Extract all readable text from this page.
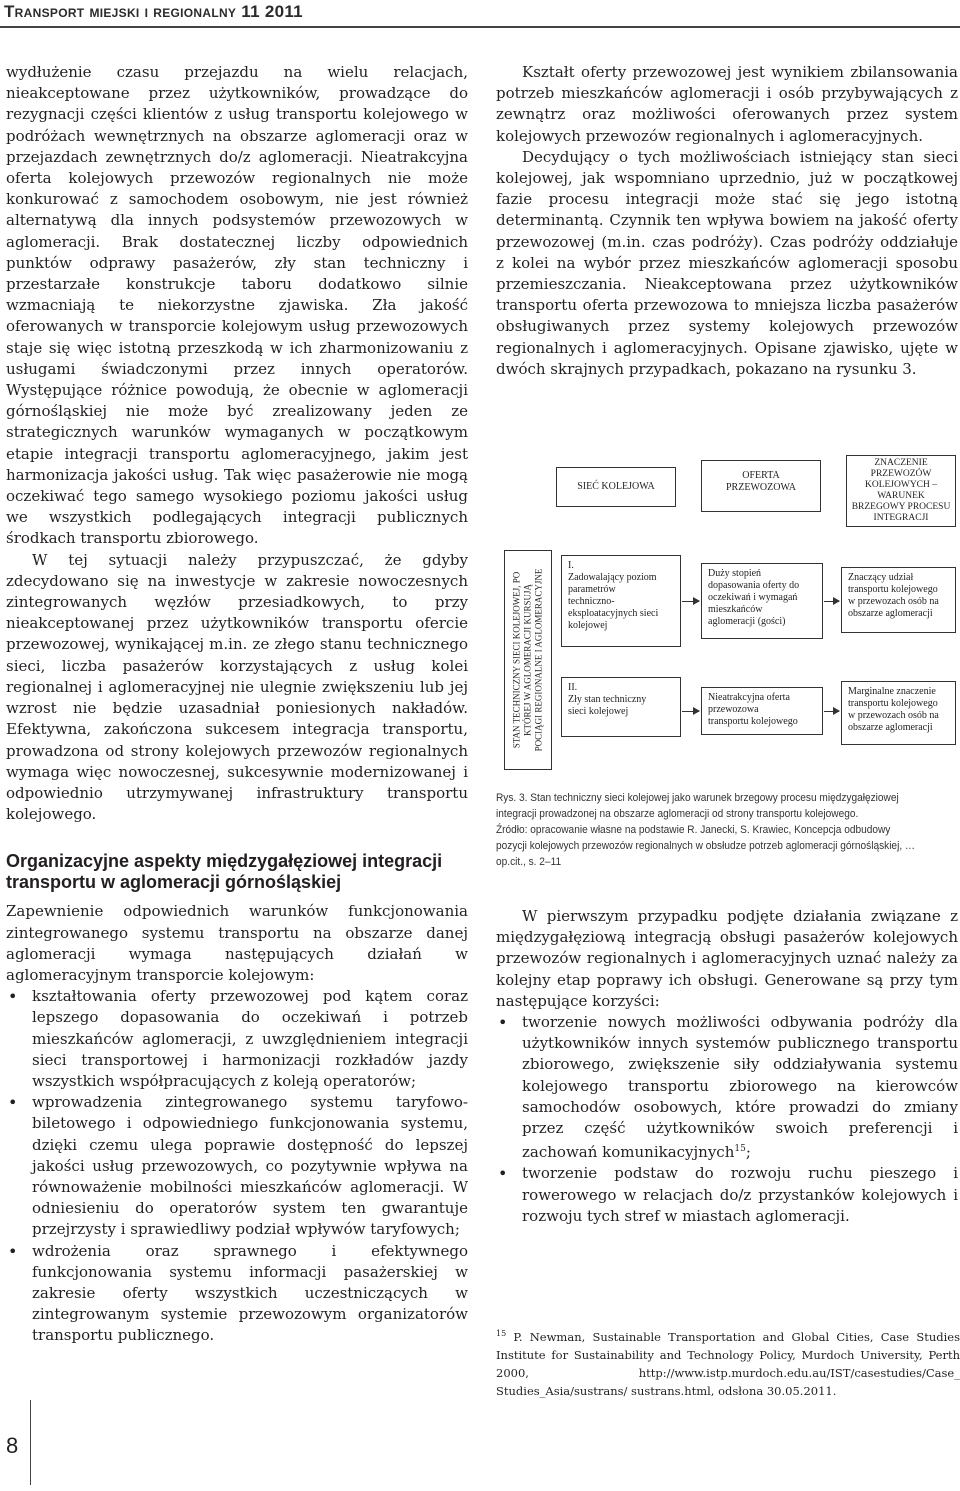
Transport miejski i regionalny 11 2011

wydłużenie czasu przejazdu na wielu relacjach, nieakceptowane przez użytkowników, prowadzące do rezygnacji części klientów z usług transportu kolejowego w podróżach wewnętrznych na obszarze aglomeracji oraz w przejazdach zewnętrznych do/z aglomeracji. Nieatrakcyjna oferta kolejowych przewozów regionalnych nie może konkurować z samochodem osobowym, nie jest również alternatywą dla innych podsystemów przewozowych w aglomeracji. Brak dostatecznej liczby odpowiednich punktów odprawy pasażerów, zły stan techniczny i przestarzałe konstrukcje taboru dodatkowo silnie wzmacniają te niekorzystne zjawiska. Zła jakość oferowanych w transporcie kolejowym usług przewozowych staje się więc istotną przeszkodą w ich zharmonizowaniu z usługami świadczonymi przez innych operatorów. Występujące różnice powodują, że obecnie w aglomeracji górnośląskiej nie może być zrealizowany jeden ze strategicznych warunków wymaganych w początkowym etapie integracji transportu aglomeracyjnego, jakim jest harmonizacja jakości usług. Tak więc pasażerowie nie mogą oczekiwać tego samego wysokiego poziomu jakości usług we wszystkich podlegających integracji publicznych środkach transportu zbiorowego.

W tej sytuacji należy przypuszczać, że gdyby zdecydowano się na inwestycje w zakresie nowoczesnych zintegrowanych węzłów przesiadkowych, to przy nieakceptowanej przez użytkowników transportu ofercie przewozowej, wynikającej m.in. ze złego stanu technicznego sieci, liczba pasażerów korzystających z usług kolei regionalnej i aglomeracyjnej nie ulegnie zwiększeniu lub jej wzrost nie będzie uzasadniał poniesionych nakładów. Efektywna, zakończona sukcesem integracja transportu, prowadzona od strony kolejowych przewozów regionalnych wymaga więc nowoczesnej, sukcesywnie modernizowanej i odpowiednio utrzymywanej infrastruktury transportu kolejowego.

Organizacyjne aspekty międzygałęziowej integracji transportu w aglomeracji górnośląskiej

Zapewnienie odpowiednich warunków funkcjonowania zintegrowanego systemu transportu na obszarze danej aglomeracji wymaga następujących działań w aglomeracyjnym transporcie kolejowym:

• kształtowania oferty przewozowej pod kątem coraz lepszego dopasowania do oczekiwań i potrzeb mieszkańców aglomeracji, z uwzględnieniem integracji sieci transportowej i harmonizacji rozkładów jazdy wszystkich współpracujących z koleją operatorów;
• wprowadzenia zintegrowanego systemu taryfowo-biletowego i odpowiedniego funkcjonowania systemu, dzięki czemu ulega poprawie dostępność do lepszej jakości usług przewozowych, co pozytywnie wpływa na równoważenie mobilności mieszkańców aglomeracji. W odniesieniu do operatorów system ten gwarantuje przejrzysty i sprawiedliwy podział wpływów taryfowych;
• wdrożenia oraz sprawnego i efektywnego funkcjonowania systemu informacji pasażerskiej w zakresie oferty wszystkich uczestniczących w zintegrowanym systemie przewozowym organizatorów transportu publicznego.

Kształt oferty przewozowej jest wynikiem zbilansowania potrzeb mieszkańców aglomeracji i osób przybywających z zewnątrz oraz możliwości oferowanych przez system kolejowych przewozów regionalnych i aglomeracyjnych.

Decydujący o tych możliwościach istniejący stan sieci kolejowej, jak wspomniano uprzednio, już w początkowej fazie procesu integracji może stać się jego istotną determinantą. Czynnik ten wpływa bowiem na jakość oferty przewozowej (m.in. czas podróży). Czas podróży oddziałuje z kolei na wybór przez mieszkańców aglomeracji sposobu przemieszczania. Nieakceptowana przez użytkowników transportu oferta przewozowa to mniejsza liczba pasażerów obsługiwanych przez systemy kolejowych przewozów regionalnych i aglomeracyjnych. Opisane zjawisko, ujęte w dwóch skrajnych przypadkach, pokazano na rysunku 3.

SIEĆ KOLEJOWA
OFERTA
PRZEWOZOWA
ZNACZENIE
PRZEWOZÓW
KOLEJOWYCH –
WARUNEK
BRZEGOWY PROCESU
INTEGRACJI
STAN TECHNICZNY SIECI KOLEJOWEJ, PO
KTÓREJ W AGLOMERACJI KURSUJĄ
POCIĄGI REGIONALNE I AGLOMERACYJNE
I.
Zadowalający poziom
parametrów
techniczno-
eksploatacyjnych sieci
kolejowej
Duży stopień
dopasowania oferty do
oczekiwań i wymagań
mieszkańców
aglomeracji (gości)
Znaczący udział
transportu kolejowego
w przewozach osób na
obszarze aglomeracji
II.
Zły stan techniczny
sieci kolejowej
Nieatrakcyjna oferta
przewozowa
transportu kolejowego
Marginalne znaczenie
transportu kolejowego
w przewozach osób na
obszarze aglomeracji

Rys. 3. Stan techniczny sieci kolejowej jako warunek brzegowy procesu międzygałęziowej integracji prowadzonej na obszarze aglomeracji od strony transportu kolejowego.

Źródło: opracowanie własne na podstawie R. Janecki, S. Krawiec, Koncepcja odbudowy pozycji kolejowych przewozów regionalnych w obsłudze potrzeb aglomeracji górnośląskiej, … op.cit., s. 2–11

W pierwszym przypadku podjęte działania związane z międzygałęziową integracją obsługi pasażerów kolejowych przewozów regionalnych i aglomeracyjnych uznać należy za kolejny etap poprawy ich obsługi. Generowane są przy tym następujące korzyści:

• tworzenie nowych możliwości odbywania podróży dla użytkowników innych systemów publicznego transportu zbiorowego, zwiększenie siły oddziaływania systemu kolejowego transportu zbiorowego na kierowców samochodów osobowych, które prowadzi do zmiany przez część użytkowników swoich preferencji i zachowań komunikacyjnych$^{15}$;
• tworzenie podstaw do rozwoju ruchu pieszego i rowerowego w relacjach do/z przystanków kolejowych i rozwoju tych stref w miastach aglomeracji.
$^{15}$ P. Newman, Sustainable Transportation and Global Cities, Case Studies Institute for Sustainability and Technology Policy, Murdoch University, Perth 2000, http://www.istp.murdoch.edu.au/IST/casestudies/Case_ Studies_Asia/sustrans/ sustrans.html, odsłona 30.05.2011.
8
